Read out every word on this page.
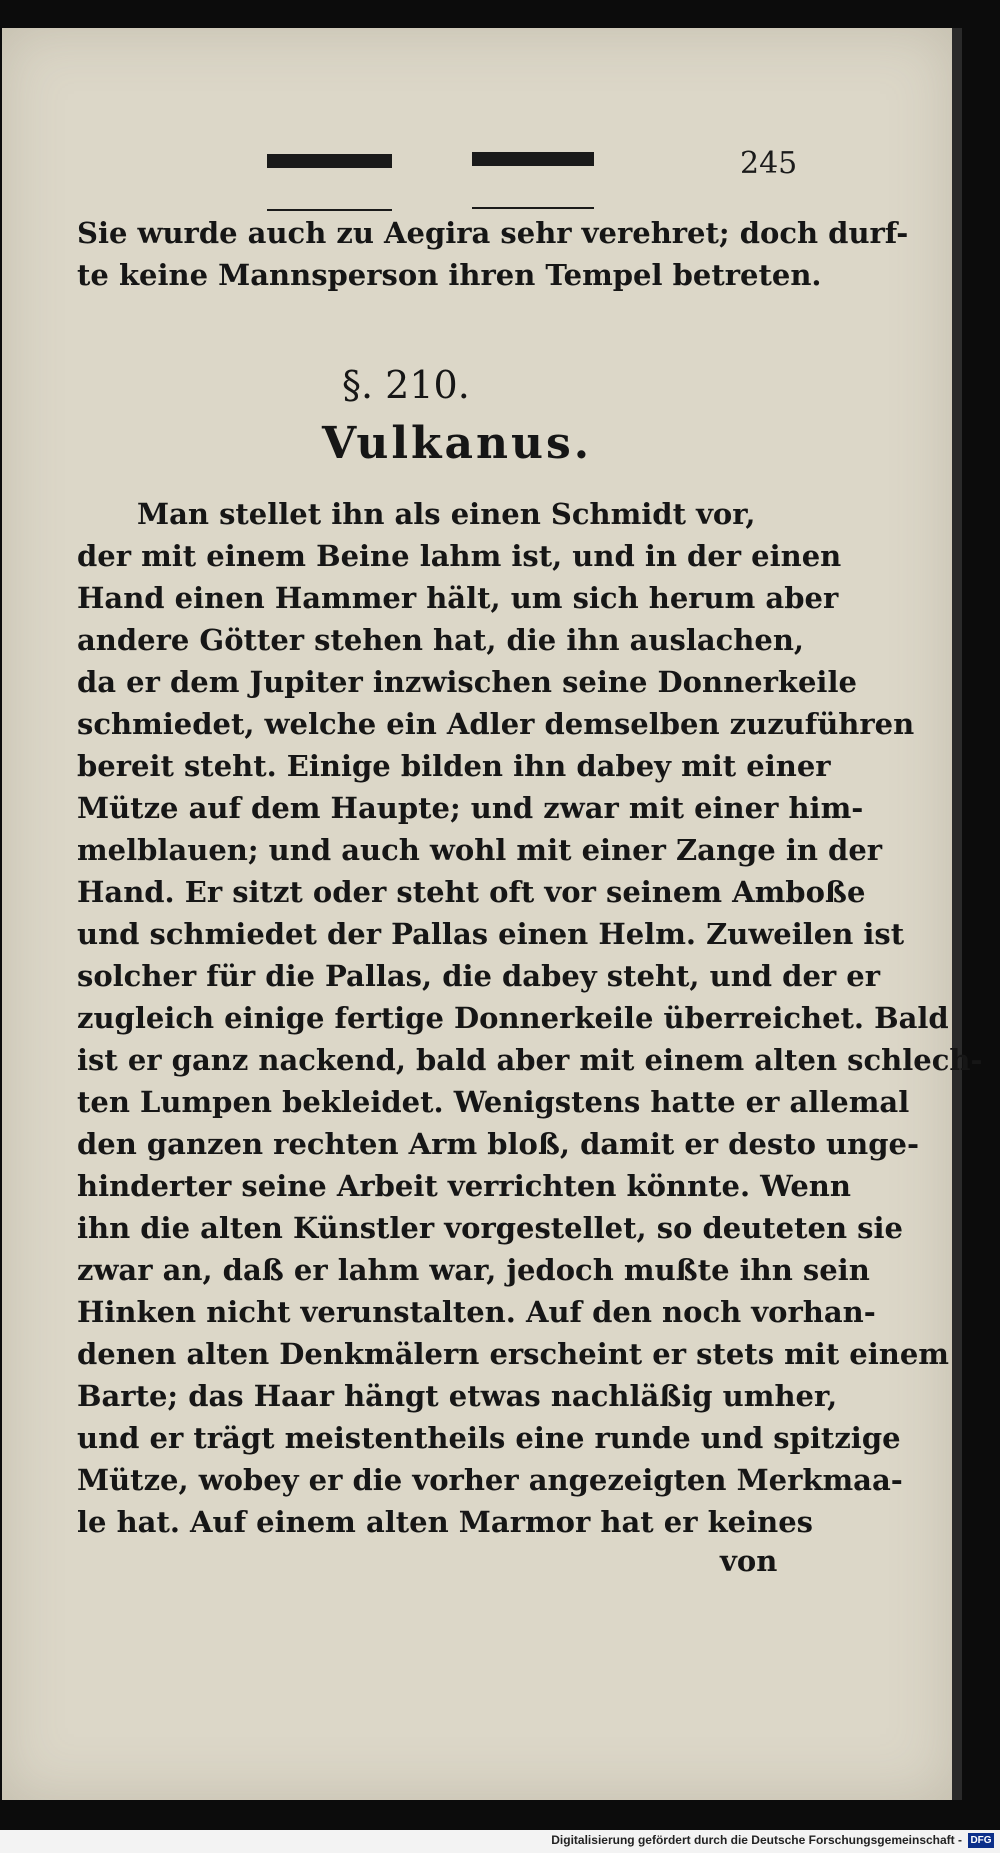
245
Sie wurde auch zu Aegira sehr verehret; doch durf-
te keine Mannsperson ihren Tempel betreten.
§. 210.
Vulkanus.
Man stellet ihn als einen Schmidt vor,
der mit einem Beine lahm ist, und in der einen
Hand einen Hammer hält, um sich herum aber
andere Götter stehen hat, die ihn auslachen,
da er dem Jupiter inzwischen seine Donnerkeile
schmiedet, welche ein Adler demselben zuzuführen
bereit steht. Einige bilden ihn dabey mit einer
Mütze auf dem Haupte; und zwar mit einer him-
melblauen; und auch wohl mit einer Zange in der
Hand. Er sitzt oder steht oft vor seinem Amboße
und schmiedet der Pallas einen Helm. Zuweilen ist
solcher für die Pallas, die dabey steht, und der er
zugleich einige fertige Donnerkeile überreichet. Bald
ist er ganz nackend, bald aber mit einem alten schlech-
ten Lumpen bekleidet. Wenigstens hatte er allemal
den ganzen rechten Arm bloß, damit er desto unge-
hinderter seine Arbeit verrichten könnte. Wenn
ihn die alten Künstler vorgestellet, so deuteten sie
zwar an, daß er lahm war, jedoch mußte ihn sein
Hinken nicht verunstalten. Auf den noch vorhan-
denen alten Denkmälern erscheint er stets mit einem
Barte; das Haar hängt etwas nachläßig umher,
und er trägt meistentheils eine runde und spitzige
Mütze, wobey er die vorher angezeigten Merkmaa-
le hat. Auf einem alten Marmor hat er keines
von
Digitalisierung gefördert durch die Deutsche Forschungsgemeinschaft - DFG
